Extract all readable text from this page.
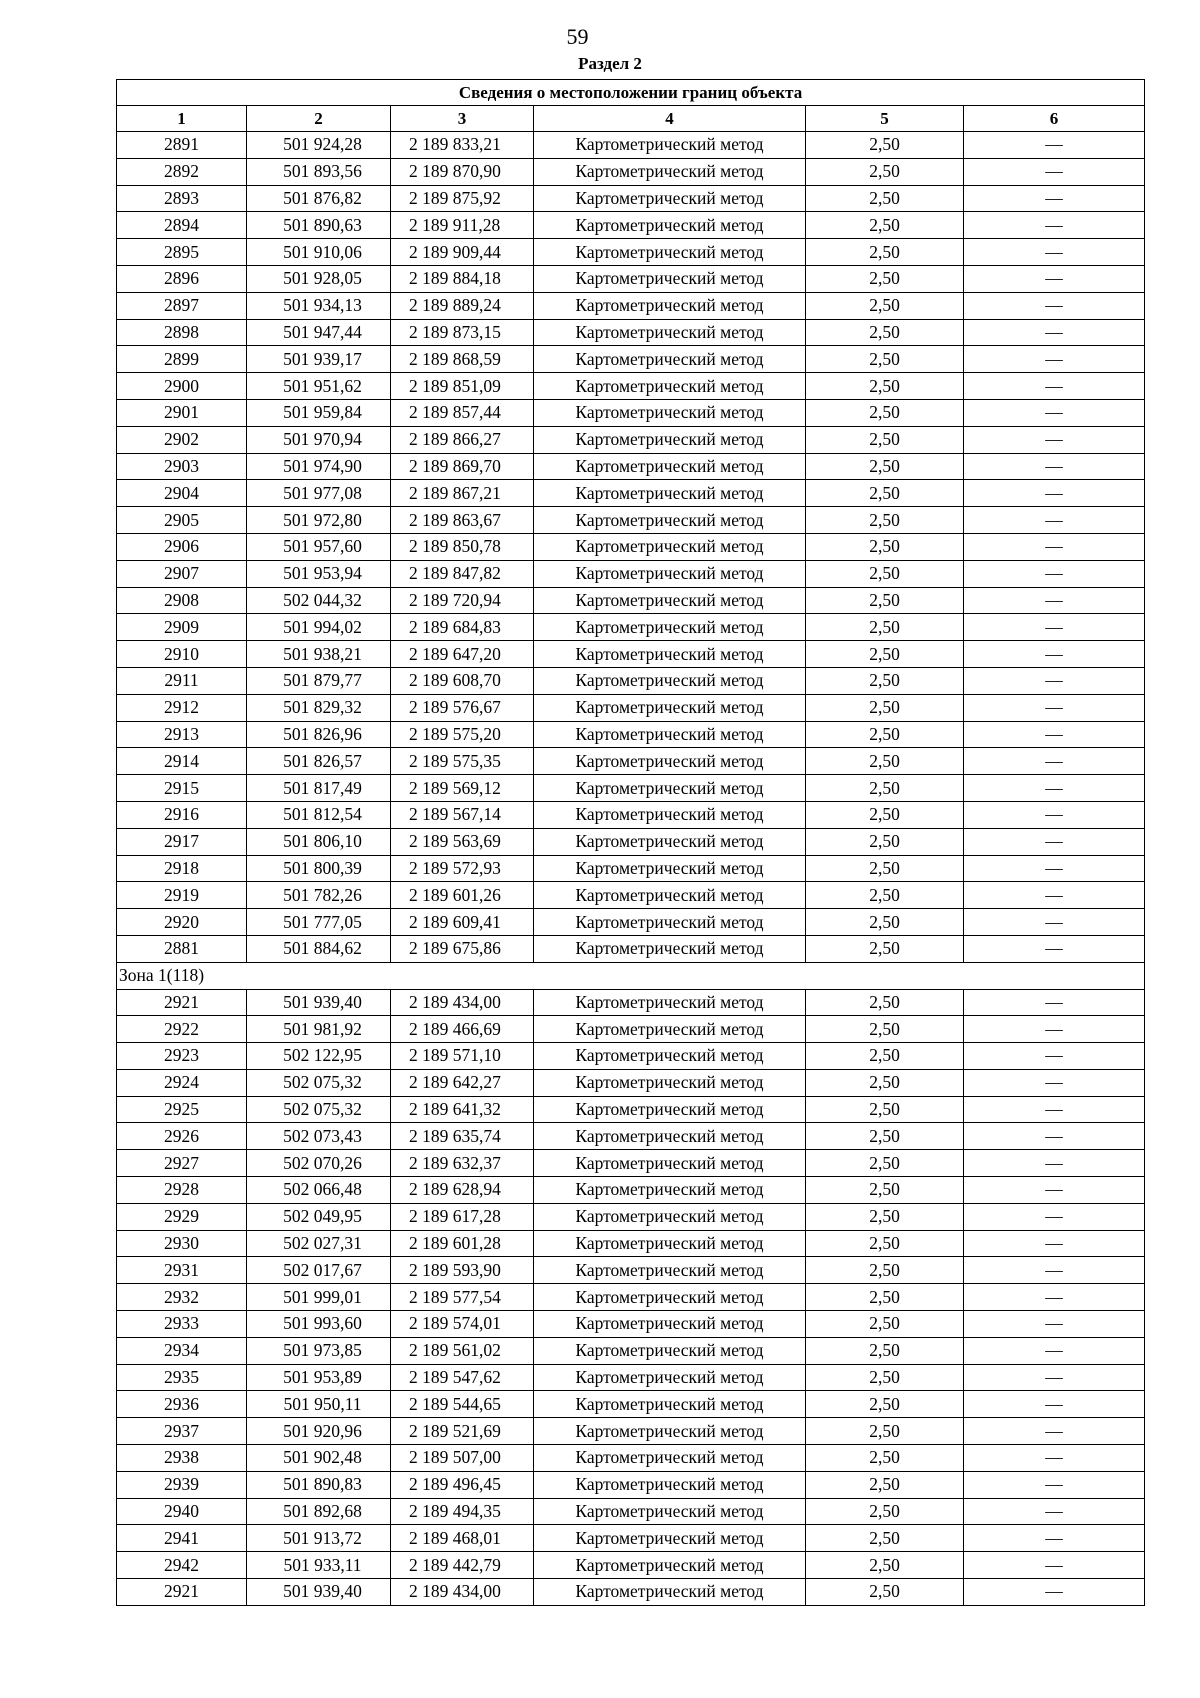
59
Раздел 2
Сведения о местоположении границ объекта					
1	2	3	4	5	6
2891	501 924,28	2 189 833,21	Картометрический метод	2,50	—
2892	501 893,56	2 189 870,90	Картометрический метод	2,50	—
2893	501 876,82	2 189 875,92	Картометрический метод	2,50	—
2894	501 890,63	2 189 911,28	Картометрический метод	2,50	—
2895	501 910,06	2 189 909,44	Картометрический метод	2,50	—
2896	501 928,05	2 189 884,18	Картометрический метод	2,50	—
2897	501 934,13	2 189 889,24	Картометрический метод	2,50	—
2898	501 947,44	2 189 873,15	Картометрический метод	2,50	—
2899	501 939,17	2 189 868,59	Картометрический метод	2,50	—
2900	501 951,62	2 189 851,09	Картометрический метод	2,50	—
2901	501 959,84	2 189 857,44	Картометрический метод	2,50	—
2902	501 970,94	2 189 866,27	Картометрический метод	2,50	—
2903	501 974,90	2 189 869,70	Картометрический метод	2,50	—
2904	501 977,08	2 189 867,21	Картометрический метод	2,50	—
2905	501 972,80	2 189 863,67	Картометрический метод	2,50	—
2906	501 957,60	2 189 850,78	Картометрический метод	2,50	—
2907	501 953,94	2 189 847,82	Картометрический метод	2,50	—
2908	502 044,32	2 189 720,94	Картометрический метод	2,50	—
2909	501 994,02	2 189 684,83	Картометрический метод	2,50	—
2910	501 938,21	2 189 647,20	Картометрический метод	2,50	—
2911	501 879,77	2 189 608,70	Картометрический метод	2,50	—
2912	501 829,32	2 189 576,67	Картометрический метод	2,50	—
2913	501 826,96	2 189 575,20	Картометрический метод	2,50	—
2914	501 826,57	2 189 575,35	Картометрический метод	2,50	—
2915	501 817,49	2 189 569,12	Картометрический метод	2,50	—
2916	501 812,54	2 189 567,14	Картометрический метод	2,50	—
2917	501 806,10	2 189 563,69	Картометрический метод	2,50	—
2918	501 800,39	2 189 572,93	Картометрический метод	2,50	—
2919	501 782,26	2 189 601,26	Картометрический метод	2,50	—
2920	501 777,05	2 189 609,41	Картометрический метод	2,50	—
2881	501 884,62	2 189 675,86	Картометрический метод	2,50	—
Зона 1(118)					
2921	501 939,40	2 189 434,00	Картометрический метод	2,50	—
2922	501 981,92	2 189 466,69	Картометрический метод	2,50	—
2923	502 122,95	2 189 571,10	Картометрический метод	2,50	—
2924	502 075,32	2 189 642,27	Картометрический метод	2,50	—
2925	502 075,32	2 189 641,32	Картометрический метод	2,50	—
2926	502 073,43	2 189 635,74	Картометрический метод	2,50	—
2927	502 070,26	2 189 632,37	Картометрический метод	2,50	—
2928	502 066,48	2 189 628,94	Картометрический метод	2,50	—
2929	502 049,95	2 189 617,28	Картометрический метод	2,50	—
2930	502 027,31	2 189 601,28	Картометрический метод	2,50	—
2931	502 017,67	2 189 593,90	Картометрический метод	2,50	—
2932	501 999,01	2 189 577,54	Картометрический метод	2,50	—
2933	501 993,60	2 189 574,01	Картометрический метод	2,50	—
2934	501 973,85	2 189 561,02	Картометрический метод	2,50	—
2935	501 953,89	2 189 547,62	Картометрический метод	2,50	—
2936	501 950,11	2 189 544,65	Картометрический метод	2,50	—
2937	501 920,96	2 189 521,69	Картометрический метод	2,50	—
2938	501 902,48	2 189 507,00	Картометрический метод	2,50	—
2939	501 890,83	2 189 496,45	Картометрический метод	2,50	—
2940	501 892,68	2 189 494,35	Картометрический метод	2,50	—
2941	501 913,72	2 189 468,01	Картометрический метод	2,50	—
2942	501 933,11	2 189 442,79	Картометрический метод	2,50	—
2921	501 939,40	2 189 434,00	Картометрический метод	2,50	—
